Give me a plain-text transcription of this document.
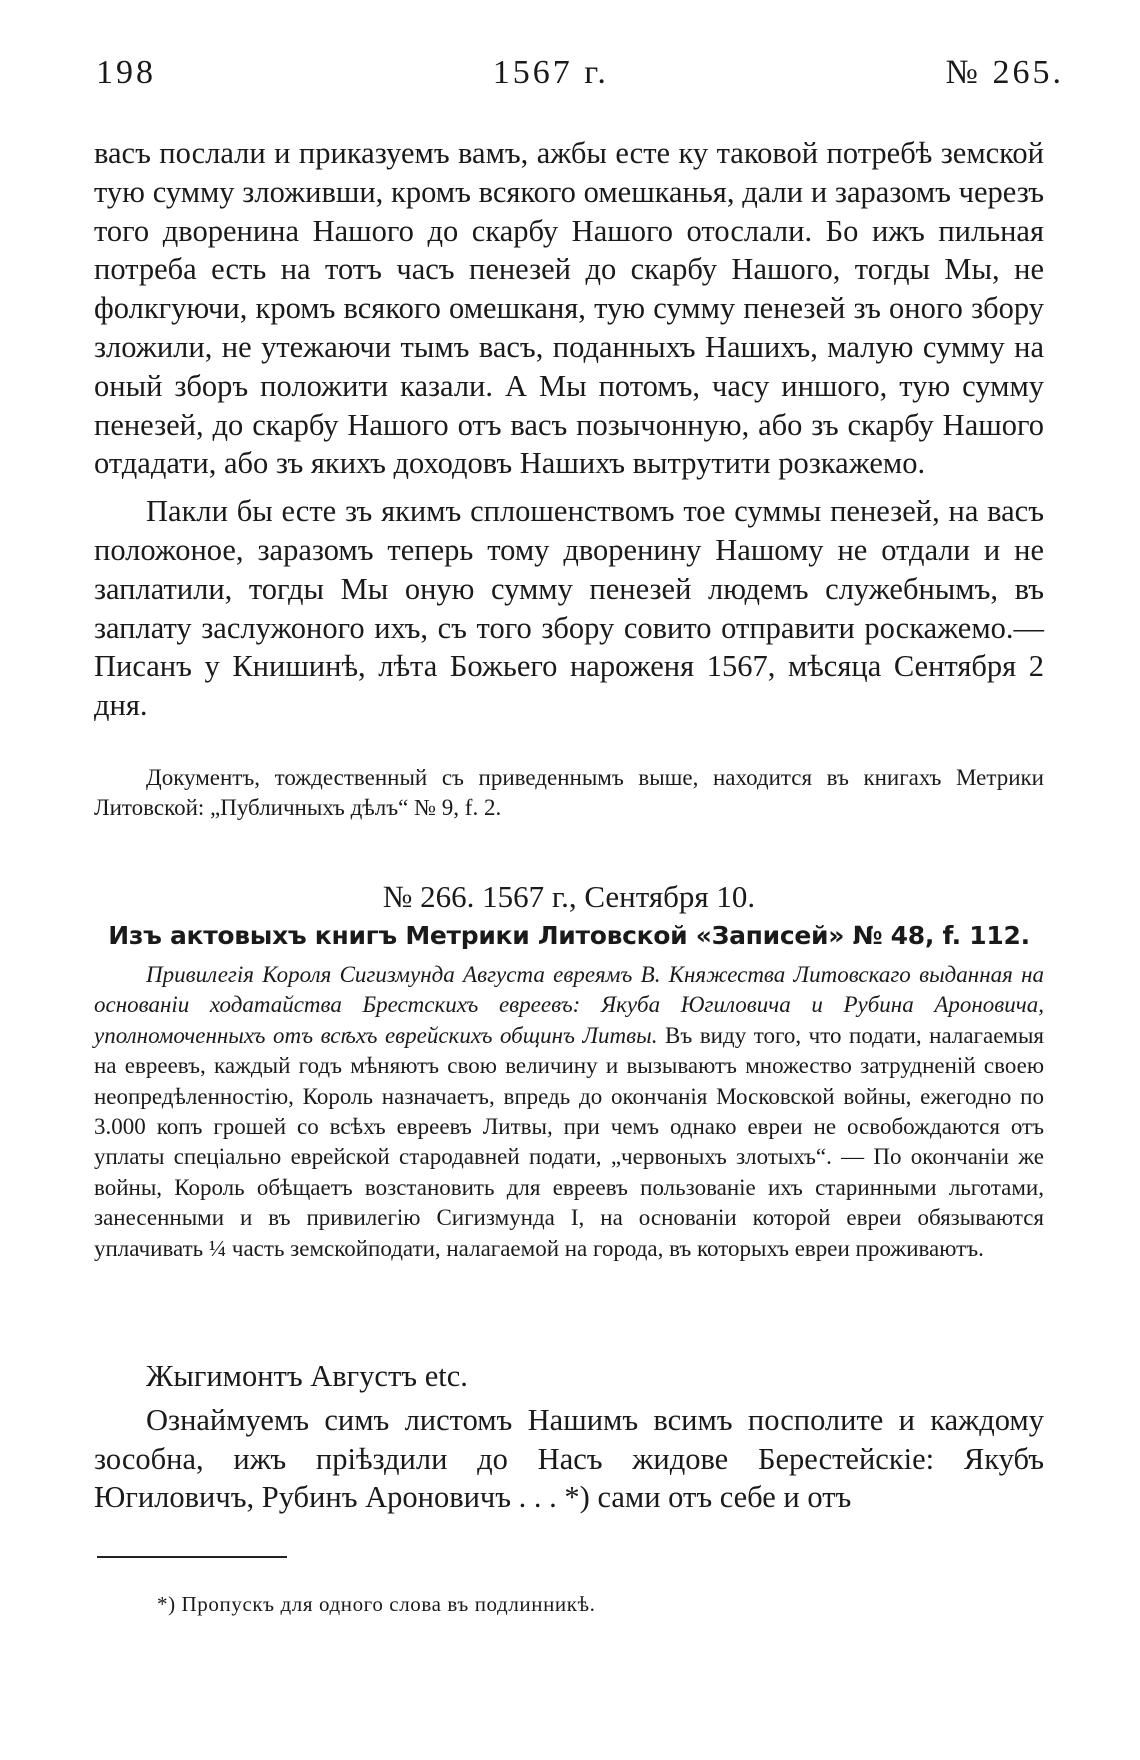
198	1567 г.	№ 265.

васъ послали и приказуемъ вамъ, ажбы есте ку таковой потребѣ земской тую сумму зложивши, кромъ всякого омешканья, дали и заразомъ черезъ того дворенина Нашого до скарбу Нашого отослали. Бо ижъ пильная потреба есть на тотъ часъ пенезей до скарбу Нашого, тогды Мы, не фолкгуючи, кромъ всякого омешканя, тую сумму пенезей зъ оного збору зложили, не утежаючи тымъ васъ, поданныхъ Нашихъ, малую сумму на оный зборъ положити казали. А Мы потомъ, часу иншого, тую сумму пенезей, до скарбу Нашого отъ васъ позычонную, або зъ скарбу Нашого отдадати, або зъ якихъ доходовъ Нашихъ вытрутити розкажемо.

Пакли бы есте зъ якимъ сплошенствомъ тое суммы пенезей, на васъ положоное, заразомъ теперь тому дворенину Нашому не отдали и не заплатили, тогды Мы оную сумму пенезей людемъ служебнымъ, въ заплату заслужоного ихъ, съ того збору совито отправити роскажемо.—Писанъ у Книшинѣ, лѣта Божьего нароженя 1567, мѣсяца Сентября 2 дня.

Документъ, тождественный съ приведеннымъ выше, находится въ книгахъ Метрики Литовской: „Публичныхъ дѣлъ“ № 9, f. 2.

№ 266. 1567 г., Сентября 10.

Изъ актовыхъ книгъ Метрики Литовской «Записей» № 48, f. 112.

Привилегія Короля Сигизмунда Августа евреямъ В. Княжества Литовскаго выданная на основаніи ходатайства Брестскихъ евреевъ: Якуба Югиловича и Рубина Ароновича, уполномоченныхъ отъ всѣхъ еврейскихъ общинъ Литвы. Въ виду того, что подати, налагаемыя на евреевъ, каждый годъ мѣняютъ свою величину и вызываютъ множество затрудненій своею неопредѣленностію, Король назначаетъ, впредь до окончанія Московской войны, ежегодно по 3.000 копъ грошей со всѣхъ евреевъ Литвы, при чемъ однако евреи не освобождаются отъ уплаты спеціально еврейской стародавней подати, „червоныхъ злотыхъ“. — По окончаніи же войны, Король обѣщаетъ возстановить для евреевъ пользованіе ихъ старинными льготами, занесенными и въ привилегію Сигизмунда I, на основаніи которой евреи обязываются уплачивать ¼ часть земскойподати, налагаемой на города, въ которыхъ евреи проживаютъ.

Жыгимонтъ Августъ etc.

Ознаймуемъ симъ листомъ Нашимъ всимъ посполите и каждому зособна, ижъ пріѣздили до Насъ жидове Берестейскіе: Якубъ Югиловичъ, Рубинъ Ароновичъ . . . *) сами отъ себе и отъ

*) Пропускъ для одного слова въ подлинникѣ.
